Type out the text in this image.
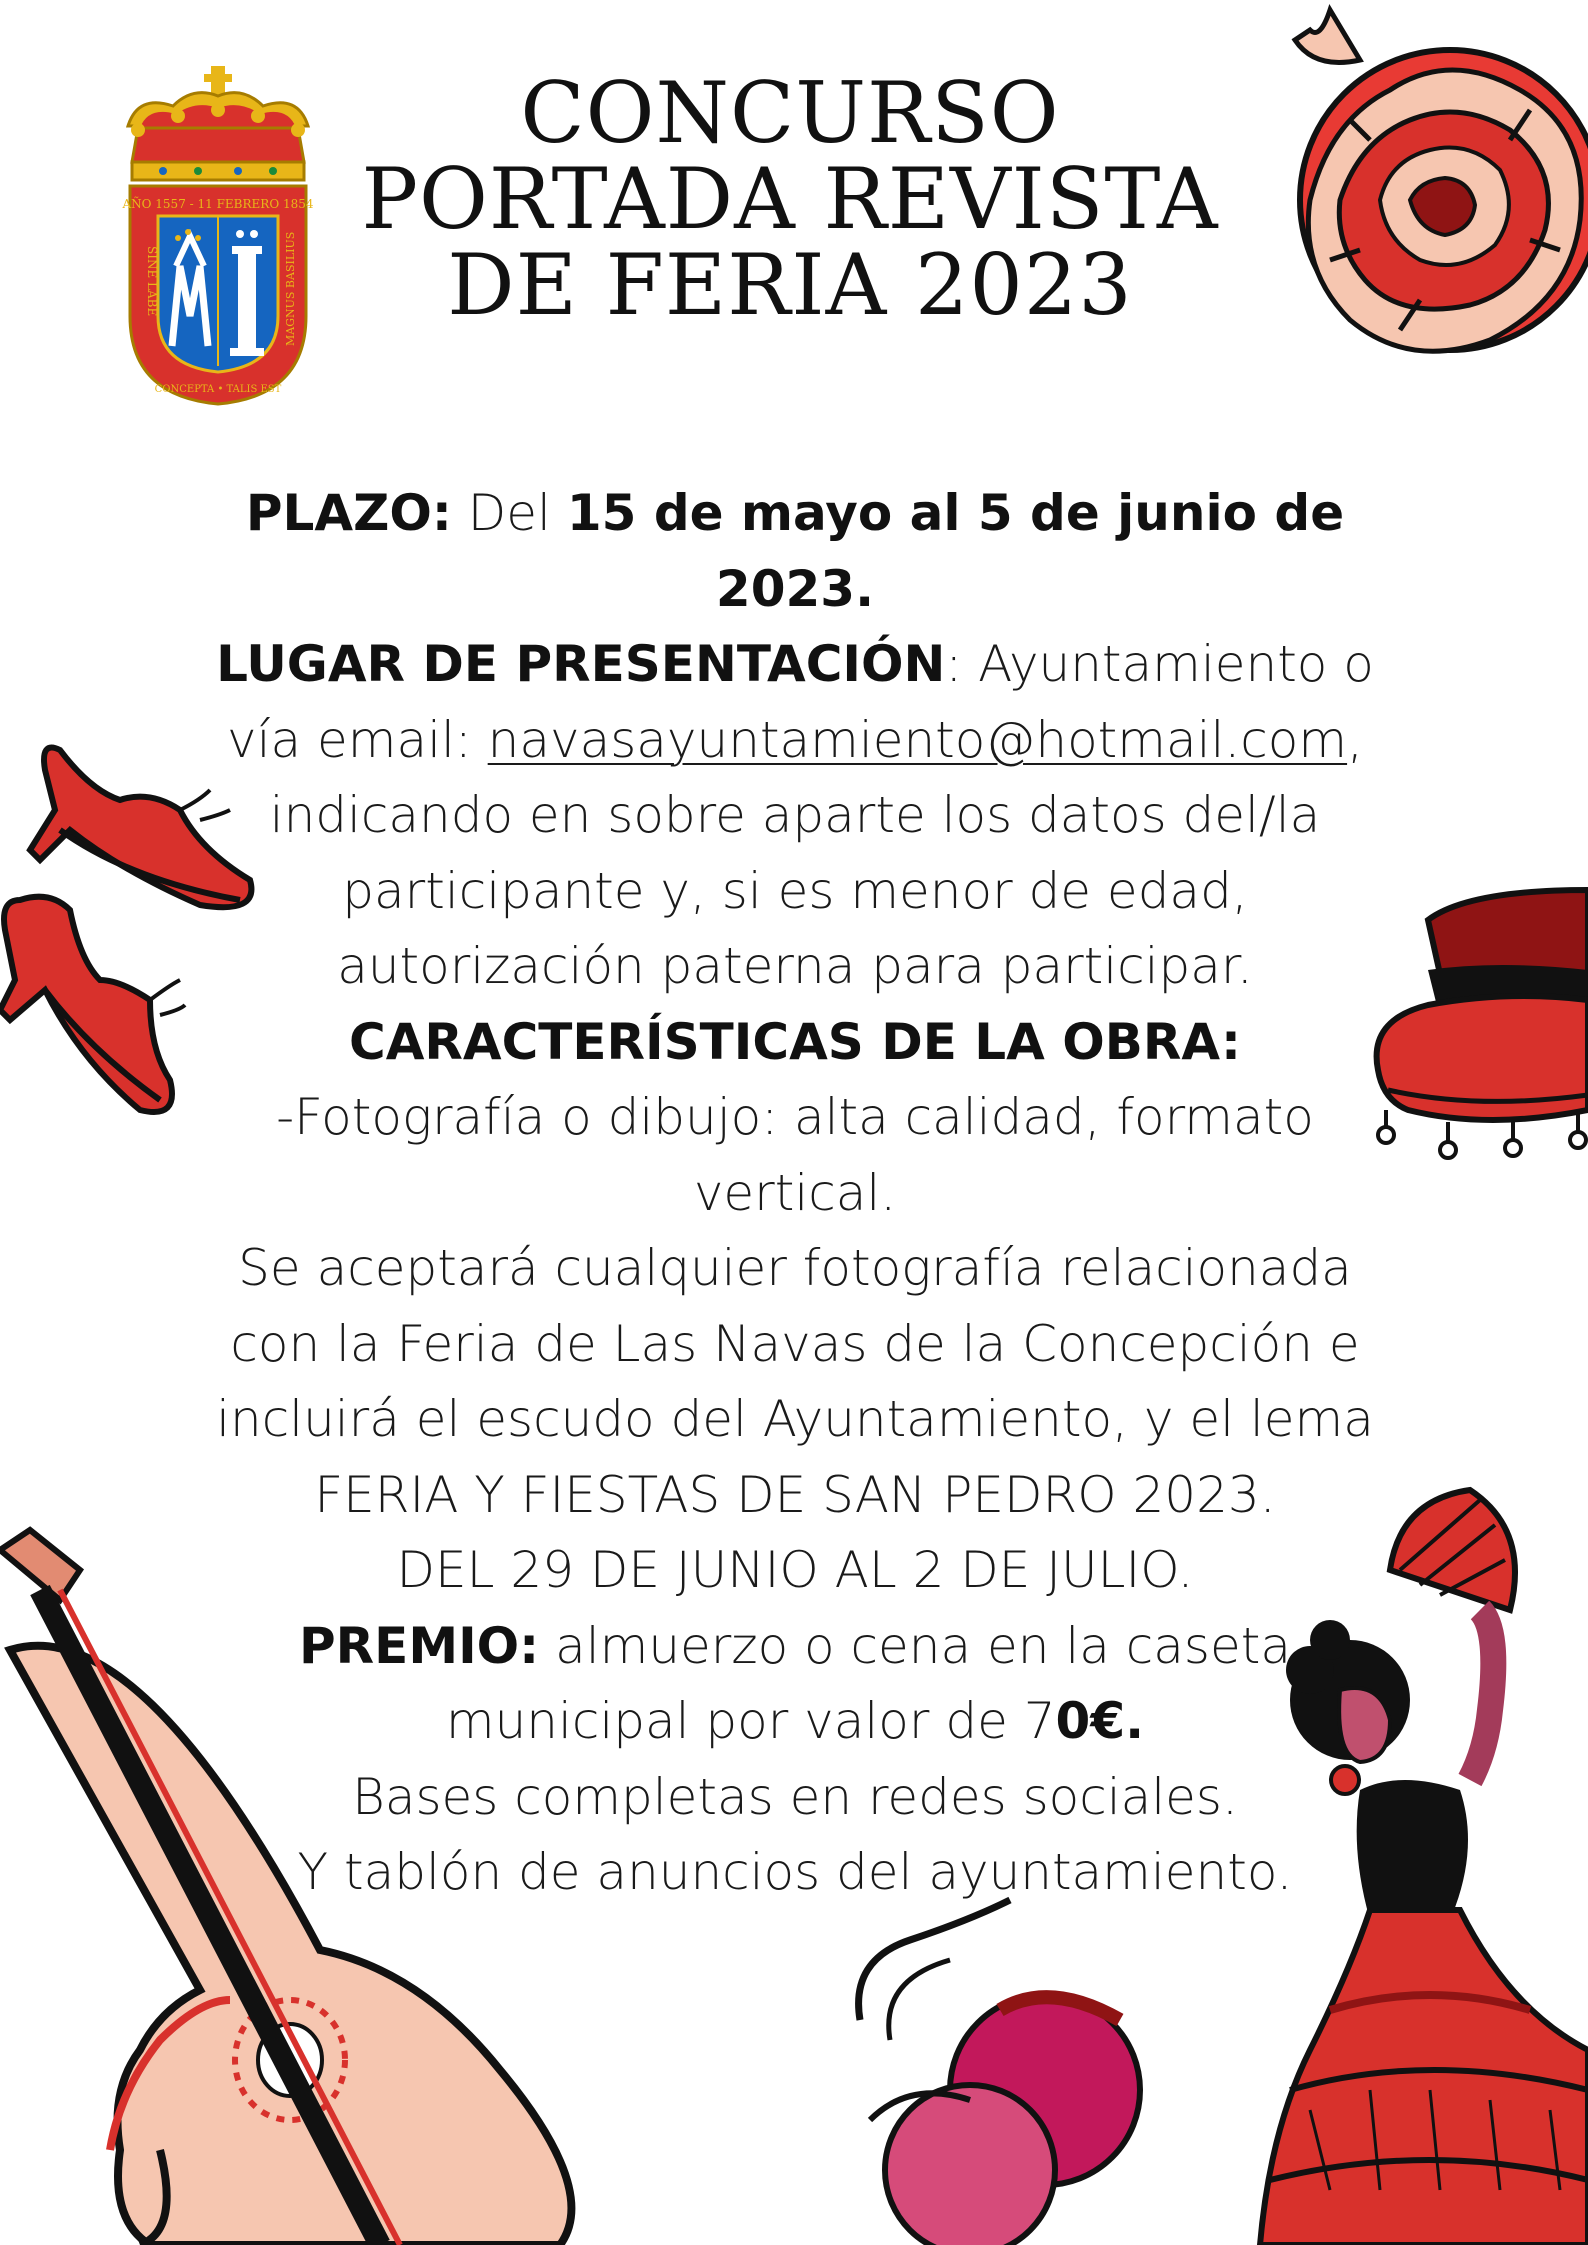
AÑO 1557 - 11 FEBRERO 1854
SINE LABE	MAGNUS BASILIUS
CONCEPTA • TALIS EST
CONCURSO
PORTADA REVISTA
DE FERIA 2023
PLAZO: Del 15 de mayo al 5 de junio de
2023.
LUGAR DE PRESENTACIÓN: Ayuntamiento o
vía email: navasayuntamiento@hotmail.com,
indicando en sobre aparte los datos del/la
participante y, si es menor de edad,
autorización paterna para participar.
CARACTERÍSTICAS DE LA OBRA:
-Fotografía o dibujo: alta calidad, formato
vertical.
Se aceptará cualquier fotografía relacionada
con la Feria de Las Navas de la Concepción e
incluirá el escudo del Ayuntamiento, y el lema
FERIA Y FIESTAS DE SAN PEDRO 2023.
DEL 29 DE JUNIO AL 2 DE JULIO.
PREMIO: almuerzo o cena en la caseta
municipal por valor de 70€.
Bases completas en redes sociales.
Y tablón de anuncios del ayuntamiento.
